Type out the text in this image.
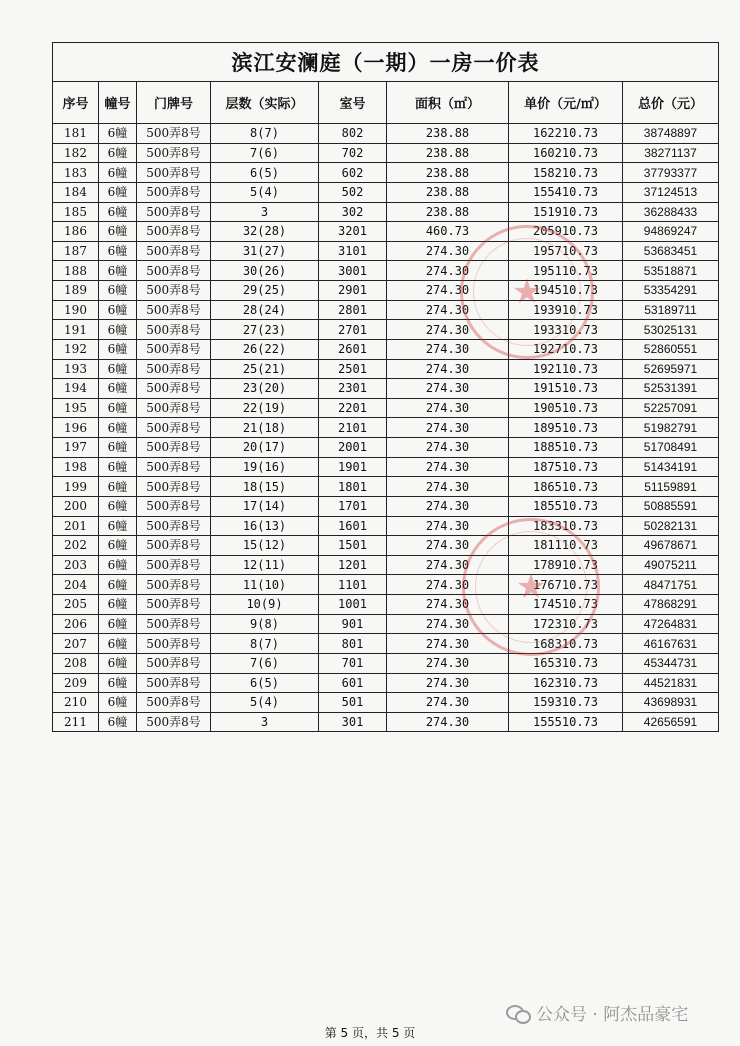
滨江安澜庭（一期）一房一价表							
序号	幢号	门牌号	层数（实际）	室号	面积（㎡）	单价（元/㎡）	总价（元）
181	6幢	500弄8号	8(7)	802	238.88	162210.73	38748897
182	6幢	500弄8号	7(6)	702	238.88	160210.73	38271137
183	6幢	500弄8号	6(5)	602	238.88	158210.73	37793377
184	6幢	500弄8号	5(4)	502	238.88	155410.73	37124513
185	6幢	500弄8号	3	302	238.88	151910.73	36288433
186	6幢	500弄8号	32(28)	3201	460.73	205910.73	94869247
187	6幢	500弄8号	31(27)	3101	274.30	195710.73	53683451
188	6幢	500弄8号	30(26)	3001	274.30	195110.73	53518871
189	6幢	500弄8号	29(25)	2901	274.30	194510.73	53354291
190	6幢	500弄8号	28(24)	2801	274.30	193910.73	53189711
191	6幢	500弄8号	27(23)	2701	274.30	193310.73	53025131
192	6幢	500弄8号	26(22)	2601	274.30	192710.73	52860551
193	6幢	500弄8号	25(21)	2501	274.30	192110.73	52695971
194	6幢	500弄8号	23(20)	2301	274.30	191510.73	52531391
195	6幢	500弄8号	22(19)	2201	274.30	190510.73	52257091
196	6幢	500弄8号	21(18)	2101	274.30	189510.73	51982791
197	6幢	500弄8号	20(17)	2001	274.30	188510.73	51708491
198	6幢	500弄8号	19(16)	1901	274.30	187510.73	51434191
199	6幢	500弄8号	18(15)	1801	274.30	186510.73	51159891
200	6幢	500弄8号	17(14)	1701	274.30	185510.73	50885591
201	6幢	500弄8号	16(13)	1601	274.30	183310.73	50282131
202	6幢	500弄8号	15(12)	1501	274.30	181110.73	49678671
203	6幢	500弄8号	12(11)	1201	274.30	178910.73	49075211
204	6幢	500弄8号	11(10)	1101	274.30	176710.73	48471751
205	6幢	500弄8号	10(9)	1001	274.30	174510.73	47868291
206	6幢	500弄8号	9(8)	901	274.30	172310.73	47264831
207	6幢	500弄8号	8(7)	801	274.30	168310.73	46167631
208	6幢	500弄8号	7(6)	701	274.30	165310.73	45344731
209	6幢	500弄8号	6(5)	601	274.30	162310.73	44521831
210	6幢	500弄8号	5(4)	501	274.30	159310.73	43698931
211	6幢	500弄8号	3	301	274.30	155510.73	42656591
★
★
公众号 · 阿杰品豪宅
第 5 页，共 5 页
